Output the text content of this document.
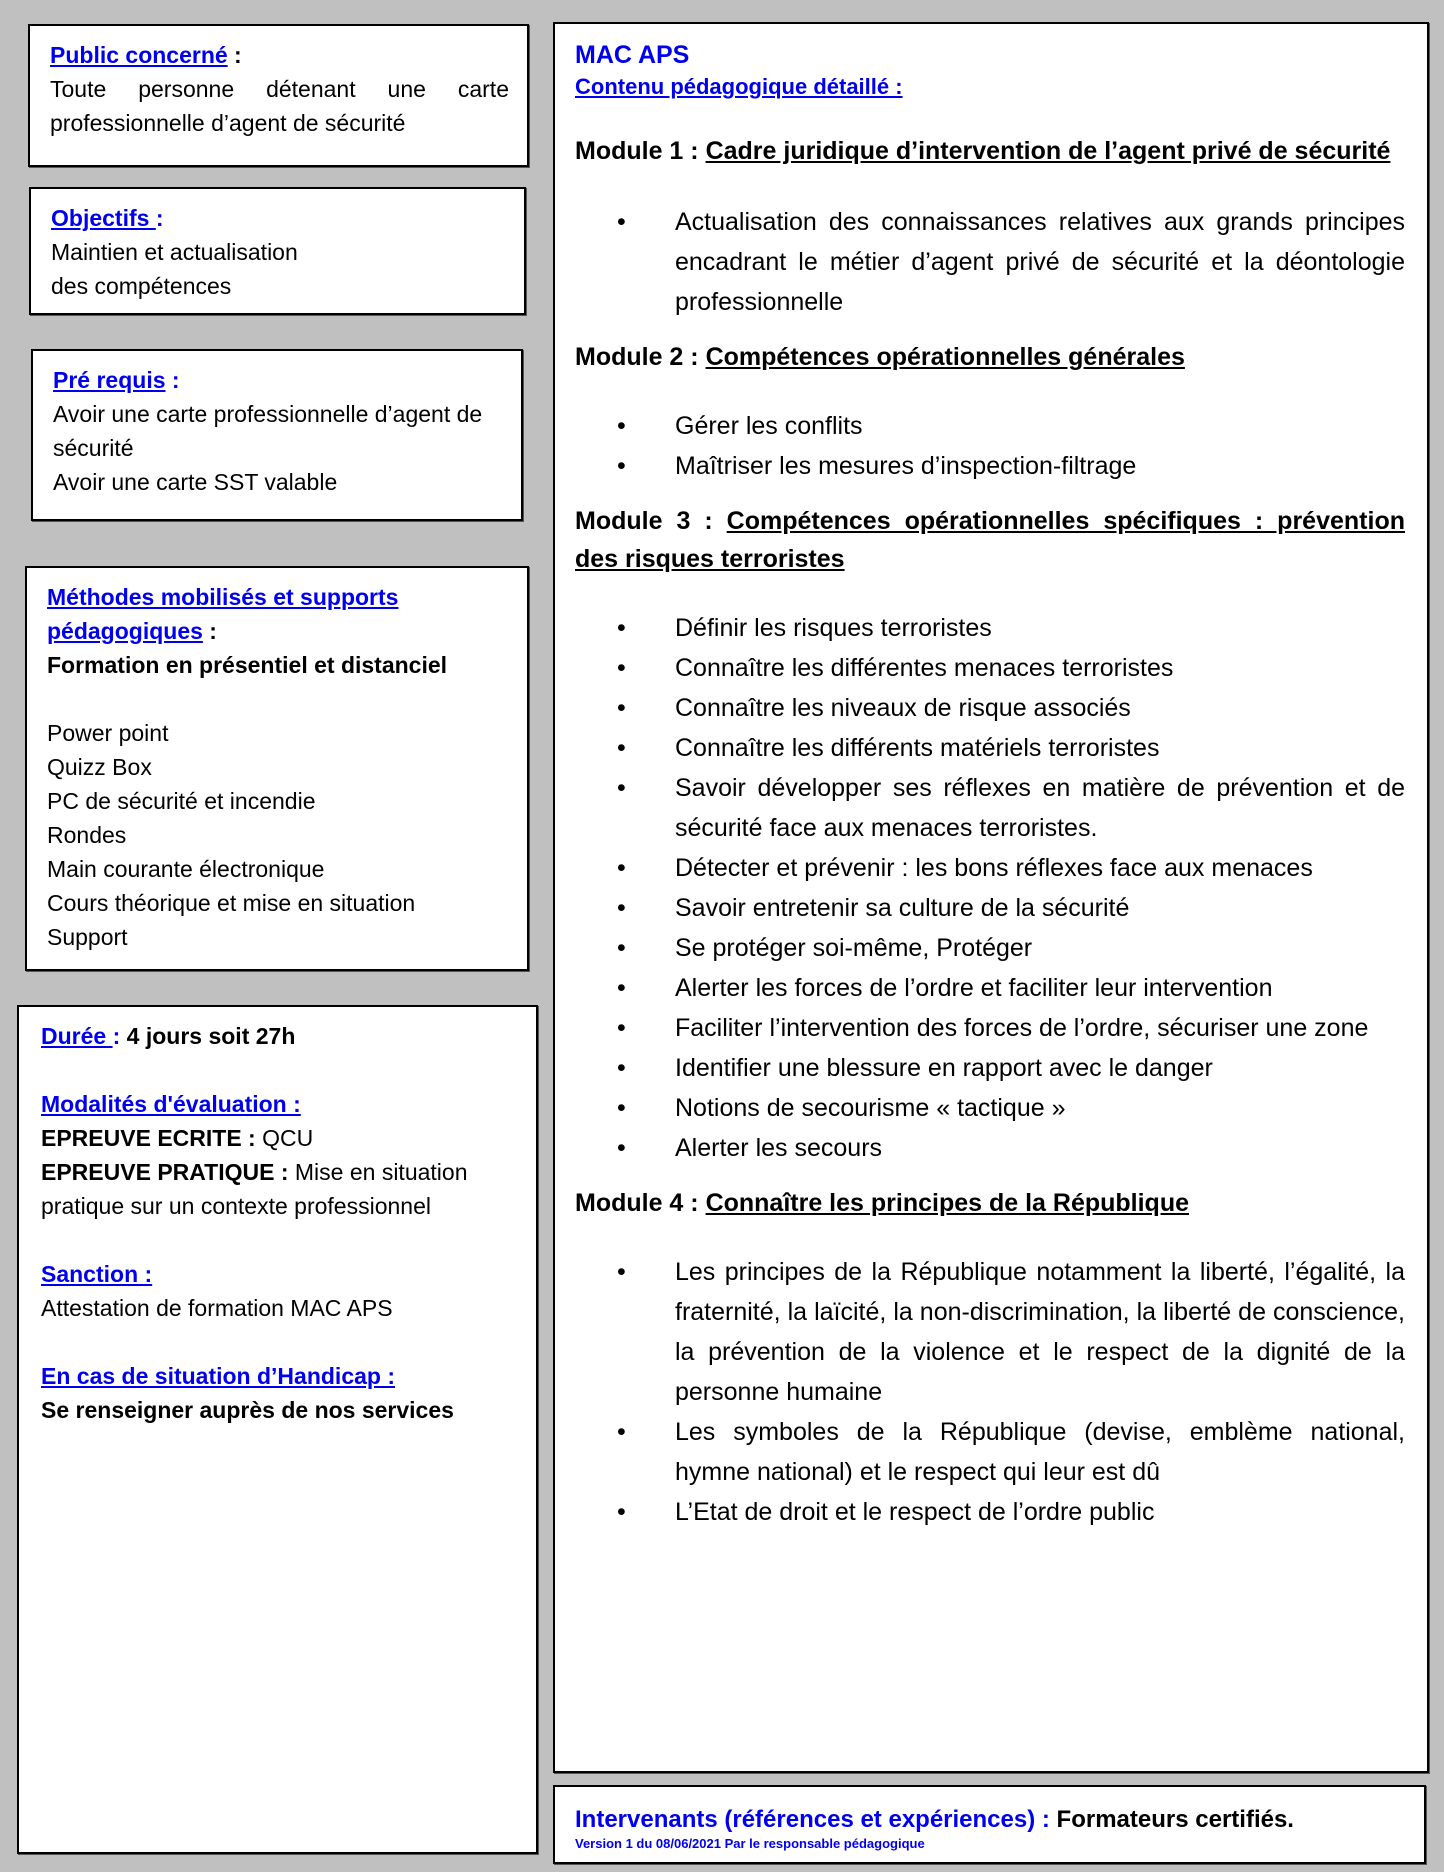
Public concerné :
Toute personne détenant une carte professionnelle d’agent de sécurité
Objectifs :
Maintien et actualisation des compétences
Pré requis :
Avoir une carte professionnelle d’agent de sécurité
Avoir une carte SST valable
Méthodes mobilisés et supports pédagogiques :
Formation en présentiel et distanciel
Power point
Quizz Box
PC de sécurité et incendie
Rondes
Main courante électronique
Cours théorique et mise en situation
Support
Durée : 4 jours soit 27h
Modalités d'évaluation :
EPREUVE ECRITE : QCU
EPREUVE PRATIQUE : Mise en situation pratique sur un contexte professionnel
Sanction :
Attestation de formation MAC APS
En cas de situation d’Handicap :
Se renseigner auprès de nos services
MAC APS
Contenu pédagogique détaillé :
Module 1 : Cadre juridique d’intervention de l’agent privé de sécurité
• Actualisation des connaissances relatives aux grands principes encadrant le métier d’agent privé de sécurité et la déontologie professionnelle
Module 2 : Compétences opérationnelles générales
• Gérer les conflits
• Maîtriser les mesures d’inspection-filtrage
Module 3 : Compétences opérationnelles spécifiques : prévention des risques terroristes
• Définir les risques terroristes
• Connaître les différentes menaces terroristes
• Connaître les niveaux de risque associés
• Connaître les différents matériels terroristes
• Savoir développer ses réflexes en matière de prévention et de sécurité face aux menaces terroristes.
• Détecter et prévenir : les bons réflexes face aux menaces
• Savoir entretenir sa culture de la sécurité
• Se protéger soi-même, Protéger
• Alerter les forces de l’ordre et faciliter leur intervention
• Faciliter l’intervention des forces de l’ordre, sécuriser une zone
• Identifier une blessure en rapport avec le danger
• Notions de secourisme « tactique »
• Alerter les secours
Module 4 : Connaître les principes de la République
• Les principes de la République notamment la liberté, l’égalité, la fraternité, la laïcité, la non-discrimination, la liberté de conscience, la prévention de la violence et le respect de la dignité de la personne humaine
• Les symboles de la République (devise, emblème national, hymne national) et le respect qui leur est dû
• L’Etat de droit et le respect de l’ordre public
Intervenants (références et expériences) : Formateurs certifiés.
Version 1 du 08/06/2021 Par le responsable pédagogique
